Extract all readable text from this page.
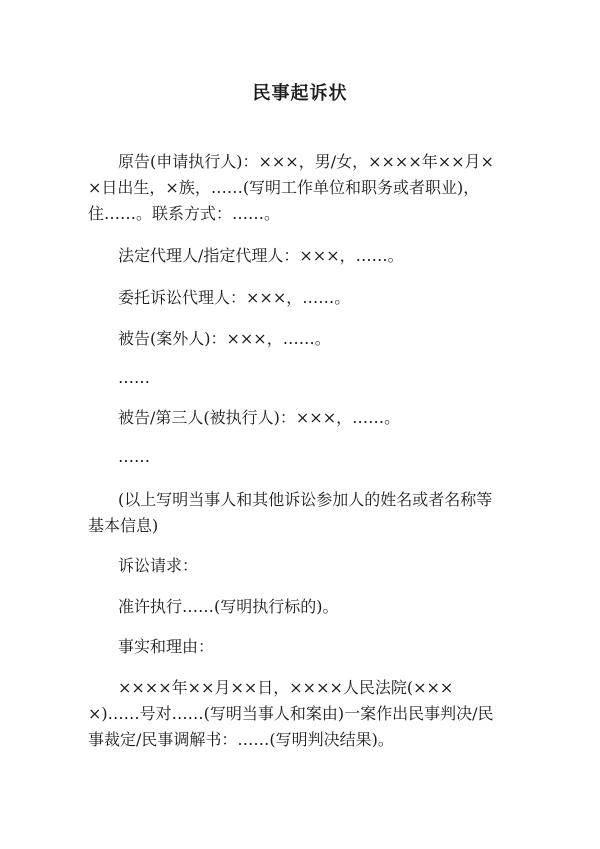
民事起诉状
原告(申请执行人)：×××，男/女，××××年××月×
×日出生，×族，……(写明工作单位和职务或者职业)，
住……。联系方式：……。
法定代理人/指定代理人：×××，……。
委托诉讼代理人：×××，……。
被告(案外人)：×××，……。
……
被告/第三人(被执行人)：×××，……。
……
(以上写明当事人和其他诉讼参加人的姓名或者名称等
基本信息)
诉讼请求：
准许执行……(写明执行标的)。
事实和理由：
××××年××月××日，××××人民法院(×××
×)……号对……(写明当事人和案由)一案作出民事判决/民
事裁定/民事调解书：……(写明判决结果)。
